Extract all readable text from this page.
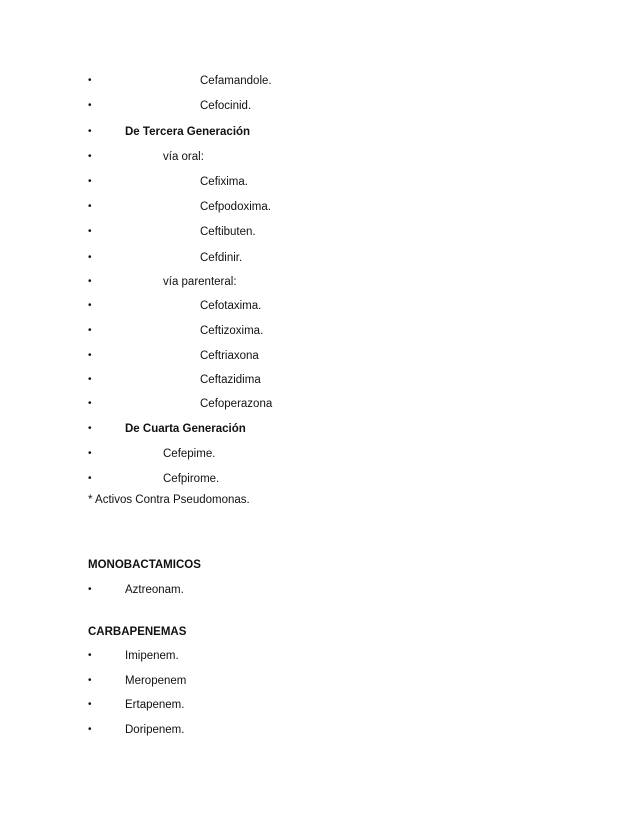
•	Cefamandole.
•	Cefocinid.
•	De Tercera Generación
•	vía oral:
•	Cefixima.
•	Cefpodoxima.
•	Ceftibuten.
•	Cefdinir.
•	vía parenteral:
•	Cefotaxima.
•	Ceftizoxima.
•	Ceftriaxona
•	Ceftazidima
•	Cefoperazona
•	De Cuarta Generación
•	Cefepime.
•	Cefpirome.
* Activos Contra Pseudomonas.
MONOBACTAMICOS
•	Aztreonam.
CARBAPENEMAS
•	Imipenem.
•	Meropenem
•	Ertapenem.
•	Doripenem.
